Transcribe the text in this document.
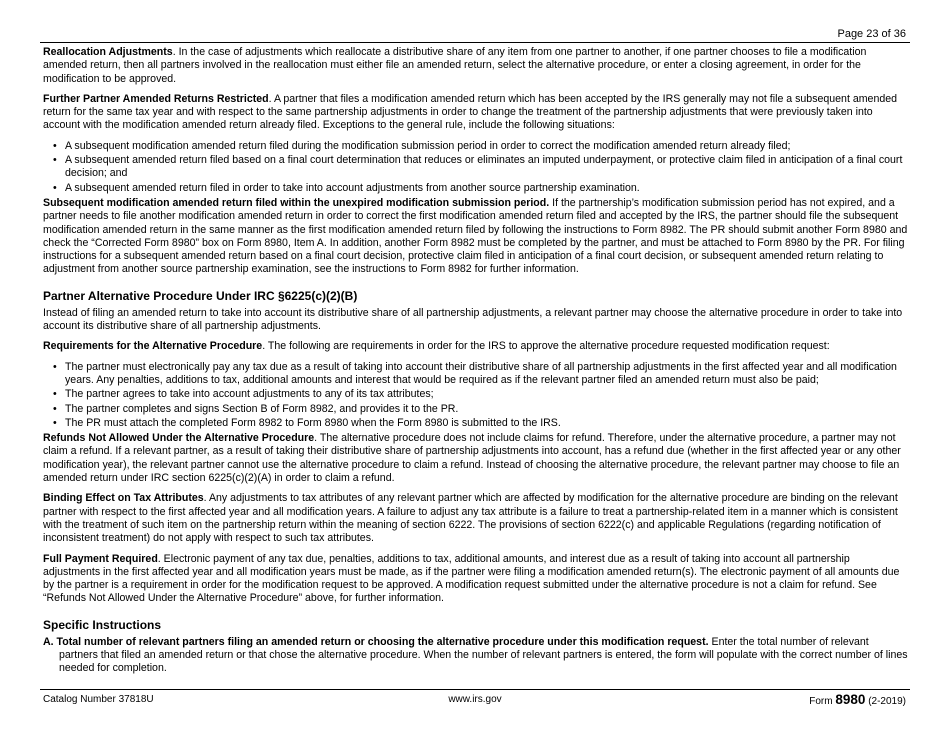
Page 23 of 36

Reallocation Adjustments. In the case of adjustments which reallocate a distributive share of any item from one partner to another, if one partner chooses to file a modification amended return, then all partners involved in the reallocation must either file an amended return, select the alternative procedure, or enter a closing agreement, in order for the modification to be approved.

Further Partner Amended Returns Restricted. A partner that files a modification amended return which has been accepted by the IRS generally may not file a subsequent amended return for the same tax year and with respect to the same partnership adjustments in order to change the treatment of the partnership adjustments that were previously taken into account with the modification amended return already filed. Exceptions to the general rule, include the following situations:

• A subsequent modification amended return filed during the modification submission period in order to correct the modification amended return already filed;
• A subsequent amended return filed based on a final court determination that reduces or eliminates an imputed underpayment, or protective claim filed in anticipation of a final court decision; and
• A subsequent amended return filed in order to take into account adjustments from another source partnership examination.

Subsequent modification amended return filed within the unexpired modification submission period. If the partnership’s modification submission period has not expired, and a partner needs to file another modification amended return in order to correct the first modification amended return filed and accepted by the IRS, the partner should file the subsequent modification amended return in the same manner as the first modification amended return filed by following the instructions to Form 8982. The PR should submit another Form 8980 and check the “Corrected Form 8980” box on Form 8980, Item A. In addition, another Form 8982 must be completed by the partner, and must be attached to Form 8980 by the PR. For filing instructions for a subsequent amended return based on a final court decision, protective claim filed in anticipation of a final court decision, or subsequent amended return relating to adjustment from another source partnership examination, see the instructions to Form 8982 for further information.

Partner Alternative Procedure Under IRC §6225(c)(2)(B)

Instead of filing an amended return to take into account its distributive share of all partnership adjustments, a relevant partner may choose the alternative procedure in order to take into account its distributive share of all partnership adjustments.

Requirements for the Alternative Procedure. The following are requirements in order for the IRS to approve the alternative procedure requested modification request:

• The partner must electronically pay any tax due as a result of taking into account their distributive share of all partnership adjustments in the first affected year and all modification years. Any penalties, additions to tax, additional amounts and interest that would be required as if the relevant partner filed an amended return must also be paid;
• The partner agrees to take into account adjustments to any of its tax attributes;
• The partner completes and signs Section B of Form 8982, and provides it to the PR.
• The PR must attach the completed Form 8982 to Form 8980 when the Form 8980 is submitted to the IRS.

Refunds Not Allowed Under the Alternative Procedure. The alternative procedure does not include claims for refund. Therefore, under the alternative procedure, a partner may not claim a refund. If a relevant partner, as a result of taking their distributive share of partnership adjustments into account, has a refund due (whether in the first affected year or any other modification year), the relevant partner cannot use the alternative procedure to claim a refund. Instead of choosing the alternative procedure, the relevant partner may choose to file an amended return under IRC section 6225(c)(2)(A) in order to claim a refund.

Binding Effect on Tax Attributes. Any adjustments to tax attributes of any relevant partner which are affected by modification for the alternative procedure are binding on the relevant partner with respect to the first affected year and all modification years. A failure to adjust any tax attribute is a failure to treat a partnership-related item in a manner which is consistent with the treatment of such item on the partnership return within the meaning of section 6222. The provisions of section 6222(c) and applicable Regulations (regarding notification of inconsistent treatment) do not apply with respect to such tax attributes.

Full Payment Required. Electronic payment of any tax due, penalties, additions to tax, additional amounts, and interest due as a result of taking into account all partnership adjustments in the first affected year and all modification years must be made, as if the partner were filing a modification amended return(s). The electronic payment of all amounts due by the partner is a requirement in order for the modification request to be approved. A modification request submitted under the alternative procedure is not a claim for refund. See “Refunds Not Allowed Under the Alternative Procedure” above, for further information.

Specific Instructions

A. Total number of relevant partners filing an amended return or choosing the alternative procedure under this modification request. Enter the total number of relevant partners that filed an amended return or that chose the alternative procedure. When the number of relevant partners is entered, the form will populate with the correct number of lines needed for completion.

Catalog Number 37818U	www.irs.gov	Form 8980 (2-2019)
